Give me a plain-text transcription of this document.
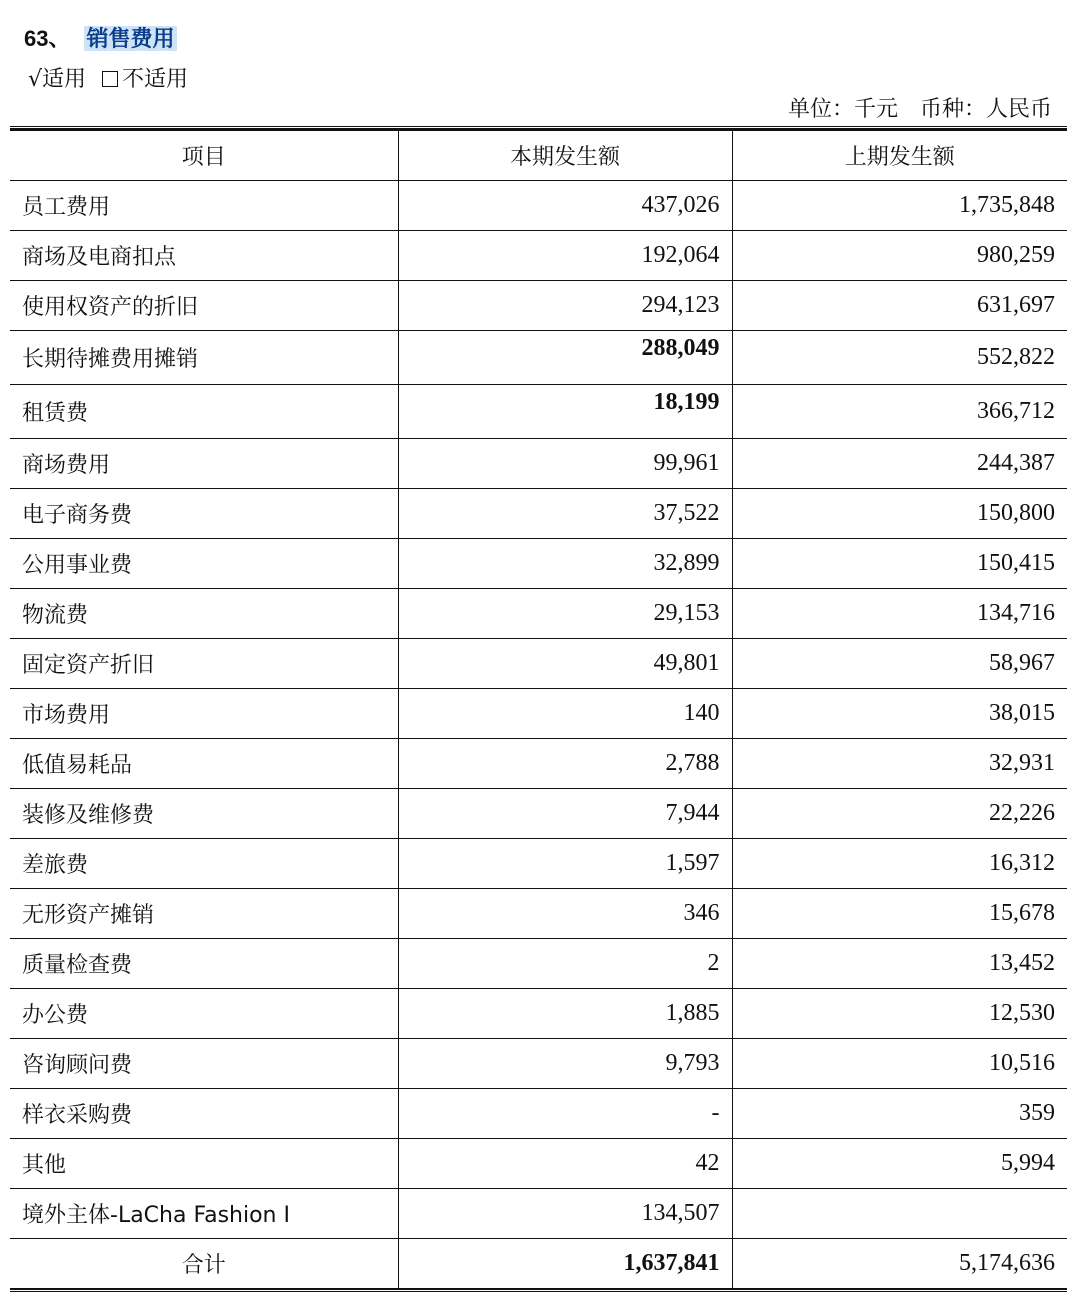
63、 销售费用
√适用 不适用
单位：千元　币种：人民币
项目	本期发生额	上期发生额
员工费用	437,026	1,735,848
商场及电商扣点	192,064	980,259
使用权资产的折旧	294,123	631,697
长期待摊费用摊销	288,049	552,822
租赁费	18,199	366,712
商场费用	99,961	244,387
电子商务费	37,522	150,800
公用事业费	32,899	150,415
物流费	29,153	134,716
固定资产折旧	49,801	58,967
市场费用	140	38,015
低值易耗品	2,788	32,931
装修及维修费	7,944	22,226
差旅费	1,597	16,312
无形资产摊销	346	15,678
质量检查费	2	13,452
办公费	1,885	12,530
咨询顾问费	9,793	10,516
样衣采购费	-	359
其他	42	5,994
境外主体-LaCha Fashion I	134,507	
合计	1,637,841	5,174,636
